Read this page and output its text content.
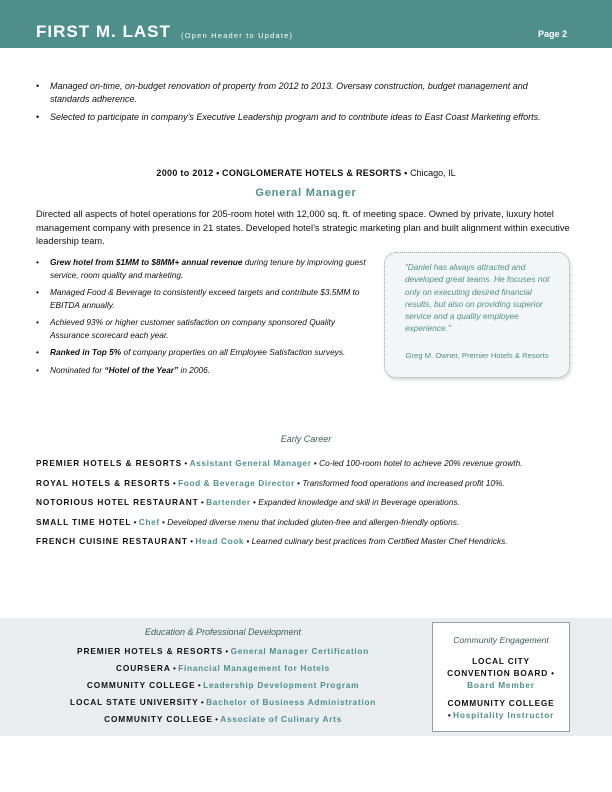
FIRST M. LAST (Open Header to Update)	Page 2
• Managed on-time, on-budget renovation of property from 2012 to 2013. Oversaw construction, budget management and standards adherence.
• Selected to participate in company’s Executive Leadership program and to contribute ideas to East Coast Marketing efforts.
2000 to 2012 • CONGLOMERATE HOTELS & RESORTS • Chicago, IL
General Manager
Directed all aspects of hotel operations for 205-room hotel with 12,000 sq. ft. of meeting space. Owned by private, luxury hotel management company with presence in 21 states. Developed hotel’s strategic marketing plan and built alignment within executive leadership team.
• Grew hotel from $1MM to $8MM+ annual revenue during tenure by improving guest service, room quality and marketing.
• Managed Food & Beverage to consistently exceed targets and contribute $3.5MM to EBITDA annually.
• Achieved 93% or higher customer satisfaction on company sponsored Quality Assurance scorecard each year.
• Ranked in Top 5% of company properties on all Employee Satisfaction surveys.
• Nominated for “Hotel of the Year” in 2006.
“Daniel has always attracted and developed great teams. He focuses not only on executing desired financial results, but also on providing superior service and a quality employee experience.”
Greg M. Owner, Premier Hotels & Resorts
Early Career
PREMIER HOTELS & RESORTS • Assistant General Manager • Co-led 100-room hotel to achieve 20% revenue growth.
ROYAL HOTELS & RESORTS • Food & Beverage Director • Transformed food operations and increased profit 10%.
NOTORIOUS HOTEL RESTAURANT • Bartender • Expanded knowledge and skill in Beverage operations.
SMALL TIME HOTEL • Chef • Developed diverse menu that included gluten-free and allergen-friendly options.
FRENCH CUISINE RESTAURANT • Head Cook • Learned culinary best practices from Certified Master Chef Hendricks.
Education & Professional Development
PREMIER HOTELS & RESORTS • General Manager Certification
COURSERA • Financial Management for Hotels
COMMUNITY COLLEGE • Leadership Development Program
LOCAL STATE UNIVERSITY • Bachelor of Business Administration
COMMUNITY COLLEGE • Associate of Culinary Arts
Community Engagement
LOCAL CITY
CONVENTION BOARD •
Board Member
COMMUNITY COLLEGE
• Hospitality Instructor
